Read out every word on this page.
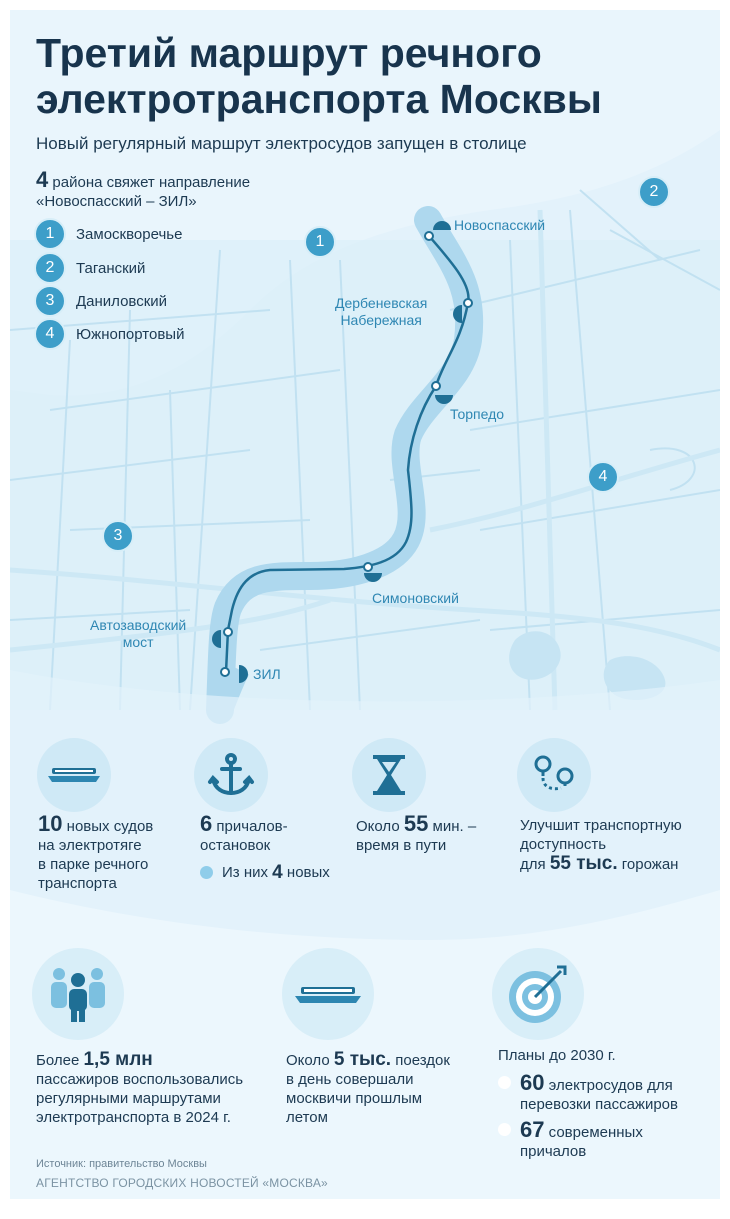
Третий маршрут речного
электротранспорта Москвы
Новый регулярный маршрут электросудов запущен в столице
4 района свяжет направление
«Новоспасский – ЗИЛ»
1	Замоскворечье
2	Таганский
3	Даниловский
4	Южнопортовый
1
2
3
4
Новоспасский
Дербеневская
Набережная
Торпедо
Симоновский
Автозаводский
мост
ЗИЛ
10 новых судов
на электротяге
в парке речного
транспорта
6 причалов-
остановок
Из них
4
новых
Около 55 мин. –
время в пути
Улучшит транспортную
доступность
для 55 тыс. горожан
Более 1,5 млн
пассажиров воспользовались
регулярными маршрутами
электротранспорта в 2024 г.
Около 5 тыс. поездок
в день совершали
москвичи прошлым
летом
Планы до 2030 г.
60 электросудов для
перевозки пассажиров
67 современных
причалов
Источник: правительство Москвы
АГЕНТСТВО ГОРОДСКИХ НОВОСТЕЙ «МОСКВА»
